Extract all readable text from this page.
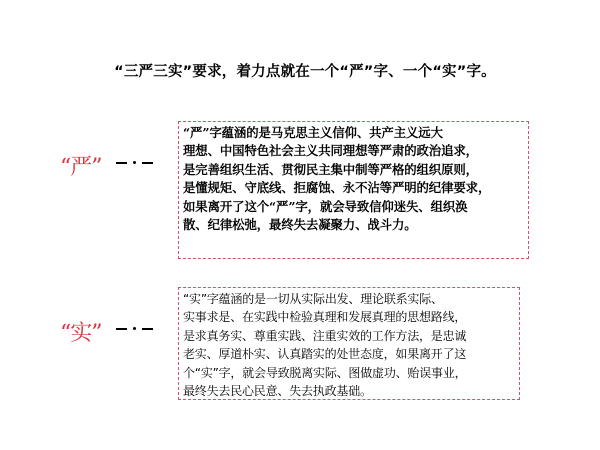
“三严三实”要求，着力点就在一个“严”字、一个“实”字。
“严”
“严”字蕴涵的是马克思主义信仰、共产主义远大
理想、中国特色社会主义共同理想等严肃的政治追求，
是完善组织生活、贯彻民主集中制等严格的组织原则，
是懂规矩、守底线、拒腐蚀、永不沾等严明的纪律要求，
如果离开了这个“严”字，就会导致信仰迷失、组织涣
散、纪律松弛，最终失去凝聚力、战斗力。
“实”
“实”字蕴涵的是一切从实际出发、理论联系实际、
实事求是、在实践中检验真理和发展真理的思想路线，
是求真务实、尊重实践、注重实效的工作方法，是忠诚
老实、厚道朴实、认真踏实的处世态度，如果离开了这
个“实”字，就会导致脱离实际、图做虚功、贻误事业，
最终失去民心民意、失去执政基础。
